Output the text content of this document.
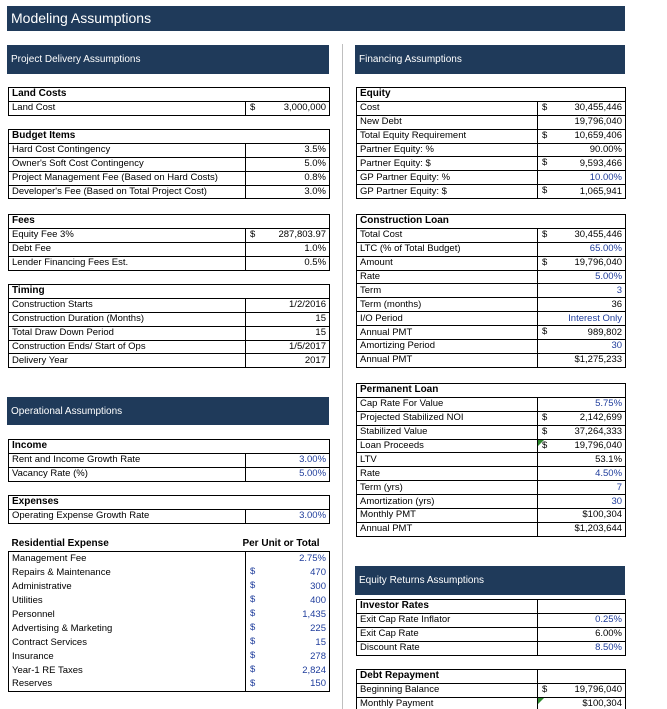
Modeling Assumptions
Project Delivery Assumptions
Land Costs
Land Cost	$	3,000,000
Budget Items	
Hard Cost Contingency	3.5%
Owner's Soft Cost Contingency	5.0%
Project Management Fee (Based on Hard Costs)	0.8%
Developer's Fee (Based on Total Project Cost)	3.0%
Fees	
Equity Fee 3%	$ 287,803.97
Debt Fee	1.0%
Lender Financing Fees Est.	0.5%
Timing	
Construction Starts	1/2/2016
Construction Duration (Months)	15
Total Draw Down Period	15
Construction Ends/ Start of Ops	1/5/2017
Delivery Year	2017
Operational Assumptions
Income	
Rent and Income Growth Rate	3.00%
Vacancy Rate (%)	5.00%
Expenses
Operating Expense Growth Rate	3.00%
Residential Expense	Per Unit or Total
Management Fee	2.75%
Repairs & Maintenance	$ 470
Administrative	$ 300
Utilities	$ 400
Personnel	$ 1,435
Advertising & Marketing	$ 225
Contract Services	$ 15
Insurance	$ 278
Year-1 RE Taxes	$ 2,824
Reserves	$ 150
Financing Assumptions
Equity	
Cost	$ 30,455,446
New Debt	19,796,040
Total Equity Requirement	$ 10,659,406
Partner Equity: %	90.00%
Partner Equity: $	$ 9,593,466
GP Partner Equity: %	10.00%
GP Partner Equity: $	$ 1,065,941
Construction Loan	
Total Cost	$ 30,455,446
LTC (% of Total Budget)	65.00%
Amount	$ 19,796,040
Rate	5.00%
Term	3
Term (months)	36
I/O Period	Interest Only
Annual PMT	$ 989,802
Amortizing Period	30
Annual PMT	$1,275,233
Permanent Loan	
Cap Rate For Value	5.75%
Projected Stabilized NOI	$ 2,142,699
Stabilized Value	$ 37,264,333
Loan Proceeds	$ 19,796,040
LTV	53.1%
Rate	4.50%
Term (yrs)	7
Amortization (yrs)	30
Monthly PMT	$100,304
Annual PMT	$1,203,644
Equity Returns Assumptions
Investor Rates	
Exit Cap Rate Inflator	0.25%
Exit Cap Rate	6.00%
Discount Rate	8.50%
Debt Repayment	
Beginning Balance	$ 19,796,040
Monthly Payment	$100,304
